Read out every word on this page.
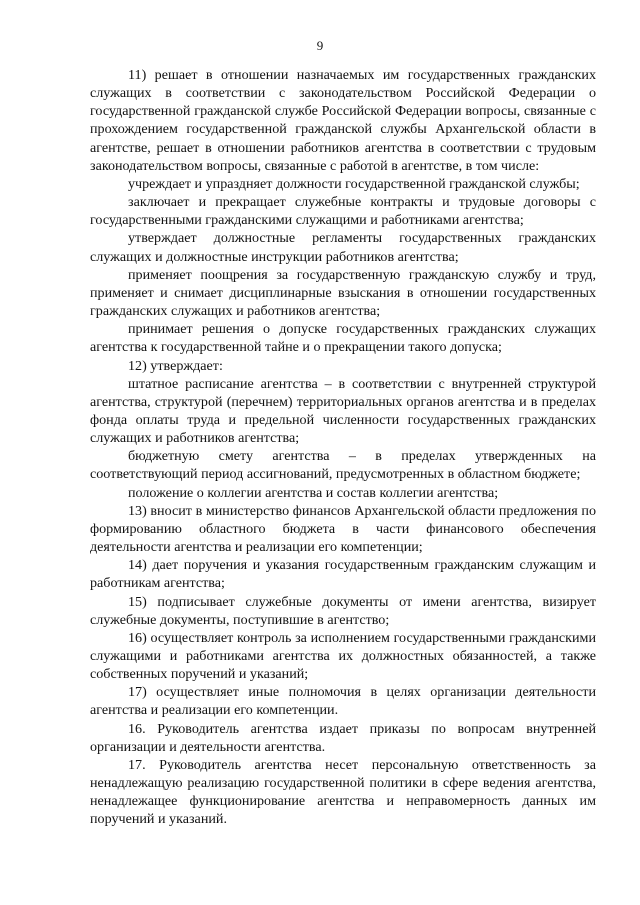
9

11) решает в отношении назначаемых им государственных гражданских служащих в соответствии с законодательством Российской Федерации о государственной гражданской службе Российской Федерации вопросы, связанные с прохождением государственной гражданской службы Архангельской области в агентстве, решает в отношении работников агентства в соответствии с трудовым законодательством вопросы, связанные с работой в агентстве, в том числе:

учреждает и упраздняет должности государственной гражданской службы;

заключает и прекращает служебные контракты и трудовые договоры с государственными гражданскими служащими и работниками агентства;

утверждает должностные регламенты государственных гражданских служащих и должностные инструкции работников агентства;

применяет поощрения за государственную гражданскую службу и труд, применяет и снимает дисциплинарные взыскания в отношении государственных гражданских служащих и работников агентства;

принимает решения о допуске государственных гражданских служащих агентства к государственной тайне и о прекращении такого допуска;

12) утверждает:

штатное расписание агентства – в соответствии с внутренней структурой агентства, структурой (перечнем) территориальных органов агентства и в пределах фонда оплаты труда и предельной численности государственных гражданских служащих и работников агентства;

бюджетную смету агентства – в пределах утвержденных на соответствующий период ассигнований, предусмотренных в областном бюджете;

положение о коллегии агентства и состав коллегии агентства;

13) вносит в министерство финансов Архангельской области предложения по формированию областного бюджета в части финансового обеспечения деятельности агентства и реализации его компетенции;

14) дает поручения и указания государственным гражданским служащим и работникам агентства;

15) подписывает служебные документы от имени агентства, визирует служебные документы, поступившие в агентство;

16) осуществляет контроль за исполнением государственными гражданскими служащими и работниками агентства их должностных обязанностей, а также собственных поручений и указаний;

17) осуществляет иные полномочия в целях организации деятельности агентства и реализации его компетенции.

16. Руководитель агентства издает приказы по вопросам внутренней организации и деятельности агентства.

17. Руководитель агентства несет персональную ответственность за ненадлежащую реализацию государственной политики в сфере ведения агентства, ненадлежащее функционирование агентства и неправомерность данных им поручений и указаний.
